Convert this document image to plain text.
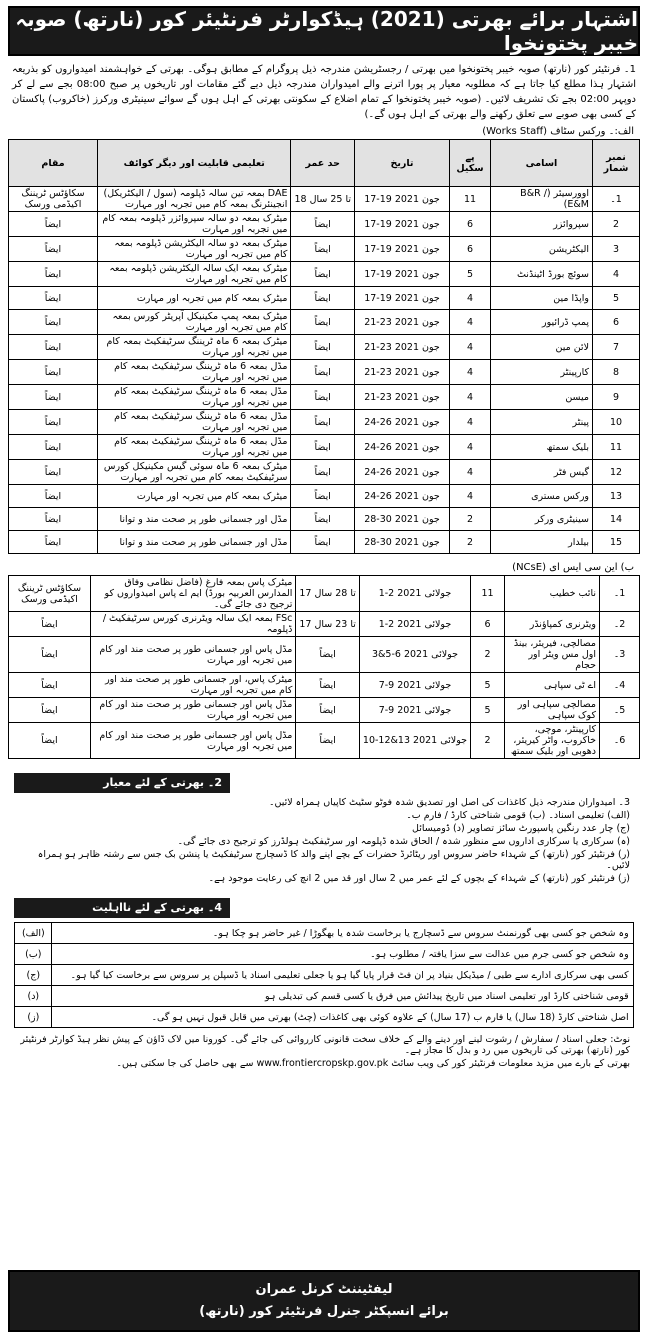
اشتہار برائے بھرتی (2021) ہیڈکوارٹر فرنٹیئر کور (نارتھ) صوبہ خیبر پختونخوا
1۔ فرنٹیئر کور (نارتھ) صوبہ خیبر پختونخوا میں بھرتی / رجسٹریشن مندرجہ ذیل پروگرام کے مطابق ہوگی۔ بھرتی کے خواہشمند امیدواروں کو بذریعہ اشتہار ہذا مطلع کیا جاتا ہے کہ مطلوبہ معیار پر پورا اترنے والے امیدواران مندرجہ ذیل دیے گئے مقامات اور تاریخوں پر صبح 08:00 بجے سے لے کر دوپہر 02:00 بجے تک تشریف لائیں۔ (صوبہ خیبر پختونخوا کے تمام اضلاع کے سکونتی بھرتی کے اہل ہوں گے سوائے سینیٹری ورکرز (خاکروب) پاکستان کے کسی بھی صوبے سے تعلق رکھنے والے بھرتی کے اہل ہوں گے۔)
الف:۔ ورکس سٹاف (Works Staff)
نمبر شمار	اسامی	پے سکیل	تاریخ	حد عمر	تعلیمی قابلیت اور دیگر کوائف	مقام
1۔	اوورسیئر (B&R / E&M)	11	17-19 جون 2021	18 تا 25 سال	DAE بمعہ تین سالہ ڈپلومہ (سول / الیکٹریکل) انجینئرنگ بمعہ کام میں تجربہ اور مہارت	سکاؤٹس ٹریننگ اکیڈمی ورسک
2	سپروائزر	6	17-19 جون 2021	ایضاً	میٹرک بمعہ دو سالہ سپروائزر ڈپلومہ بمعہ کام میں تجربہ اور مہارت	ایضاً
3	الیکٹریشن	6	17-19 جون 2021	ایضاً	میٹرک بمعہ دو سالہ الیکٹریشن ڈپلومہ بمعہ کام میں تجربہ اور مہارت	ایضاً
4	سوئچ بورڈ اٹینڈنٹ	5	17-19 جون 2021	ایضاً	میٹرک بمعہ ایک سالہ الیکٹریشن ڈپلومہ بمعہ کام میں تجربہ اور مہارت	ایضاً
5	واپڈا مین	4	17-19 جون 2021	ایضاً	میٹرک بمعہ کام میں تجربہ اور مہارت	ایضاً
6	پمپ ڈرائیور	4	21-23 جون 2021	ایضاً	میٹرک بمعہ پمپ مکینیکل آپریٹر کورس بمعہ کام میں تجربہ اور مہارت	ایضاً
7	لائن مین	4	21-23 جون 2021	ایضاً	میٹرک بمعہ 6 ماہ ٹریننگ سرٹیفکیٹ بمعہ کام میں تجربہ اور مہارت	ایضاً
8	کارپینٹر	4	21-23 جون 2021	ایضاً	مڈل بمعہ 6 ماہ ٹریننگ سرٹیفکیٹ بمعہ کام میں تجربہ اور مہارت	ایضاً
9	میسن	4	21-23 جون 2021	ایضاً	مڈل بمعہ 6 ماہ ٹریننگ سرٹیفکیٹ بمعہ کام میں تجربہ اور مہارت	ایضاً
10	پینٹر	4	24-26 جون 2021	ایضاً	مڈل بمعہ 6 ماہ ٹریننگ سرٹیفکیٹ بمعہ کام میں تجربہ اور مہارت	ایضاً
11	بلیک سمتھ	4	24-26 جون 2021	ایضاً	مڈل بمعہ 6 ماہ ٹریننگ سرٹیفکیٹ بمعہ کام میں تجربہ اور مہارت	ایضاً
12	گیس فٹر	4	24-26 جون 2021	ایضاً	میٹرک بمعہ 6 ماہ سوئی گیس مکینیکل کورس سرٹیفکیٹ بمعہ کام میں تجربہ اور مہارت	ایضاً
13	ورکس مستری	4	24-26 جون 2021	ایضاً	میٹرک بمعہ کام میں تجربہ اور مہارت	ایضاً
14	سینیٹری ورکر	2	28-30 جون 2021	ایضاً	مڈل اور جسمانی طور پر صحت مند و توانا	ایضاً
15	بیلدار	2	28-30 جون 2021	ایضاً	مڈل اور جسمانی طور پر صحت مند و توانا	ایضاً
ب) این سی ایس ای (NCsE)
1۔	نائب خطیب	11	1-2 جولائی 2021	17 تا 28 سال	میٹرک پاس بمعہ فارغ (فاضل نظامی وفاق المدارس العربیہ بورڈ) ایم اے پاس امیدواروں کو ترجیح دی جائے گی۔	سکاؤٹس ٹریننگ اکیڈمی ورسک
2۔	ویٹرنری کمپاؤنڈر	6	1-2 جولائی 2021	17 تا 23 سال	FSc بمعہ ایک سالہ ویٹرنری کورس سرٹیفکیٹ / ڈپلومہ	ایضاً
3۔	مصالچی، فیریئر، بینڈ اول مس ویٹر اور حجام	2	3&5-6 جولائی 2021	ایضاً	مڈل پاس اور جسمانی طور پر صحت مند اور کام میں تجربہ اور مہارت	ایضاً
4۔	اے ٹی سپاہی	5	7-9 جولائی 2021	ایضاً	میٹرک پاس، اور جسمانی طور پر صحت مند اور کام میں تجربہ اور مہارت	ایضاً
5۔	مصالچی سپاہی اور کوک سپاہی	5	7-9 جولائی 2021	ایضاً	مڈل پاس اور جسمانی طور پر صحت مند اور کام میں تجربہ اور مہارت	ایضاً
6۔	کارپینٹر، موچی، خاکروب، واٹر کیریئر، دھوبی اور بلیک سمتھ	2	10-12&13 جولائی 2021	ایضاً	مڈل پاس اور جسمانی طور پر صحت مند اور کام میں تجربہ اور مہارت	ایضاً
2۔ بھرتی کے لئے معیار
3۔ امیدواران مندرجہ ذیل کاغذات کی اصل اور تصدیق شدہ فوٹو سٹیٹ کاپیاں ہمراہ لائیں۔
(الف) تعلیمی اسناد۔ (ب) قومی شناختی کارڈ / فارم ب۔
(ج) چار عدد رنگین پاسپورٹ سائز تصاویر (د) ڈومیسائل
(ہ) سرکاری یا سرکاری اداروں سے منظور شدہ / الحاق شدہ ڈپلومہ اور سرٹیفکیٹ ہولڈرز کو ترجیح دی جائے گی۔
(ر) فرنٹیئر کور (نارتھ) کے شہداء حاضر سروس اور ریٹائرڈ حضرات کے بچے اپنے والد کا ڈسچارج سرٹیفکیٹ یا پنشن بک جس سے رشتہ ظاہر ہو ہمراہ لائیں۔
(ز) فرنٹیئر کور (نارتھ) کے شہداء کے بچوں کے لئے عمر میں 2 سال اور قد میں 2 انچ کی رعایت موجود ہے۔
4۔ بھرتی کے لئے نااہلیت
وہ شخص جو کسی بھی گورنمنٹ سروس سے ڈسچارج یا برخاست شدہ یا بھگوڑا / غیر حاضر ہو چکا ہو۔	(الف)
وہ شخص جو کسی جرم میں عدالت سے سزا یافتہ / مطلوب ہو۔	(ب)
کسی بھی سرکاری ادارے سے طبی / میڈیکل بنیاد پر ان فٹ قرار پایا گیا ہو یا جعلی تعلیمی اسناد یا ڈسپلن پر سروس سے برخاست کیا گیا ہو۔	(ج)
قومی شناختی کارڈ اور تعلیمی اسناد میں تاریخ پیدائش میں فرق یا کسی قسم کی تبدیلی ہو	(د)
اصل شناختی کارڈ (18 سال) یا فارم ب (17 سال) کے علاوہ کوئی بھی کاغذات (چٹ) بھرتی میں قابل قبول نہیں ہو گی۔	(ز)
نوٹ: جعلی اسناد / سفارش / رشوت لینے اور دینے والے کے خلاف سخت قانونی کارروائی کی جائے گی۔ کورونا میں لاک ڈاؤن کے پیش نظر ہیڈ کوارٹر فرنٹیئر کور (نارتھ) بھرتی کی تاریخوں میں رد و بدل کا مجاز ہے۔
بھرتی کے بارے میں مزید معلومات فرنٹیئر کور کی ویب سائٹ www.frontiercropskp.gov.pk سے بھی حاصل کی جا سکتی ہیں۔
لیفٹیننٹ کرنل عمران
برائے انسپکٹر جنرل فرنٹیئر کور (نارتھ)
